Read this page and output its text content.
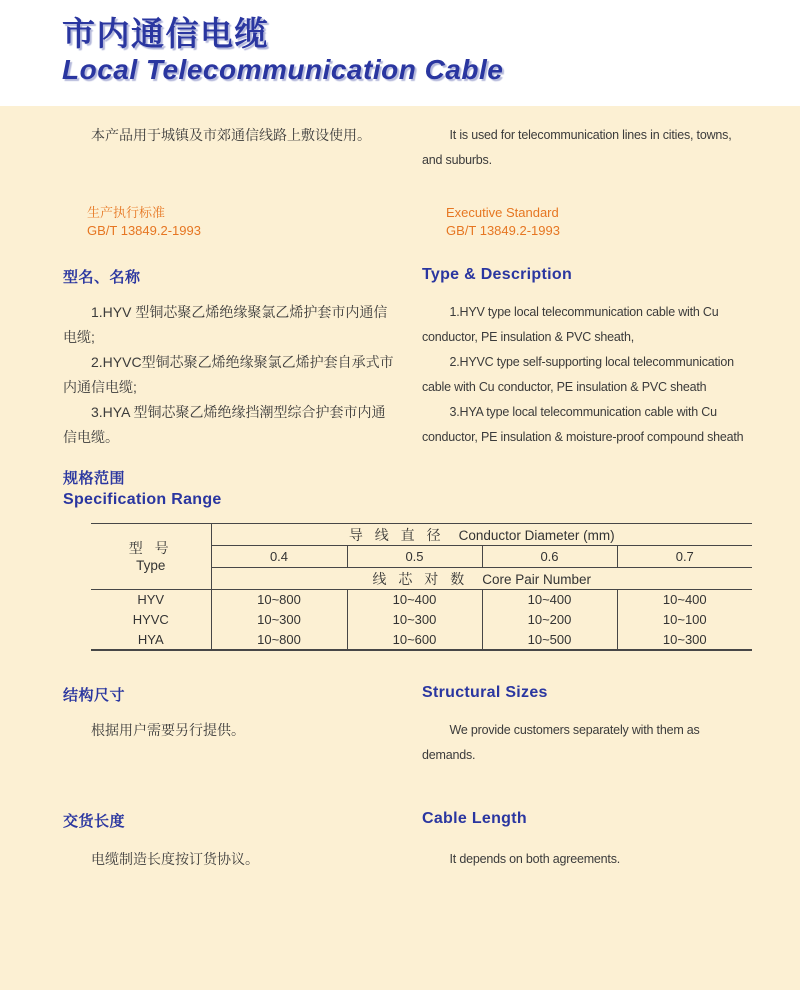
市内通信电缆
Local Telecommunication Cable

本产品用于城镇及市郊通信线路上敷设使用。	It is used for telecommunication lines in cities, towns, and suburbs.

生产执行标准
GB/T 13849.2-1993
Executive Standard
GB/T 13849.2-1993
型名、名称	Type & Description

1.HYV 型铜芯聚乙烯绝缘聚氯乙烯护套市内通信电缆;

2.HYVC型铜芯聚乙烯绝缘聚氯乙烯护套自承式市内通信电缆;

3.HYA 型铜芯聚乙烯绝缘挡潮型综合护套市内通信电缆。

1.HYV type local telecommunication cable with Cu conductor, PE insulation & PVC sheath,

2.HYVC type self-supporting local telecommunication cable with Cu conductor, PE insulation & PVC sheath

3.HYA type local telecommunication cable with Cu conductor, PE insulation & moisture-proof compound sheath

规格范围
Specification Range
型 号
Type	导 线 直 径 Conductor Diameter (mm)			
	0.4	0.5	0.6	0.7
	线 芯 对 数 Core Pair Number			
HYV	10~800	10~400	10~400	10~400
HYVC	10~300	10~300	10~200	10~100
HYA	10~800	10~600	10~500	10~300
结构尺寸	Structural Sizes

根据用户需要另行提供。	We provide customers separately with them as demands.

交货长度	Cable Length

电缆制造长度按订货协议。	It depends on both agreements.
